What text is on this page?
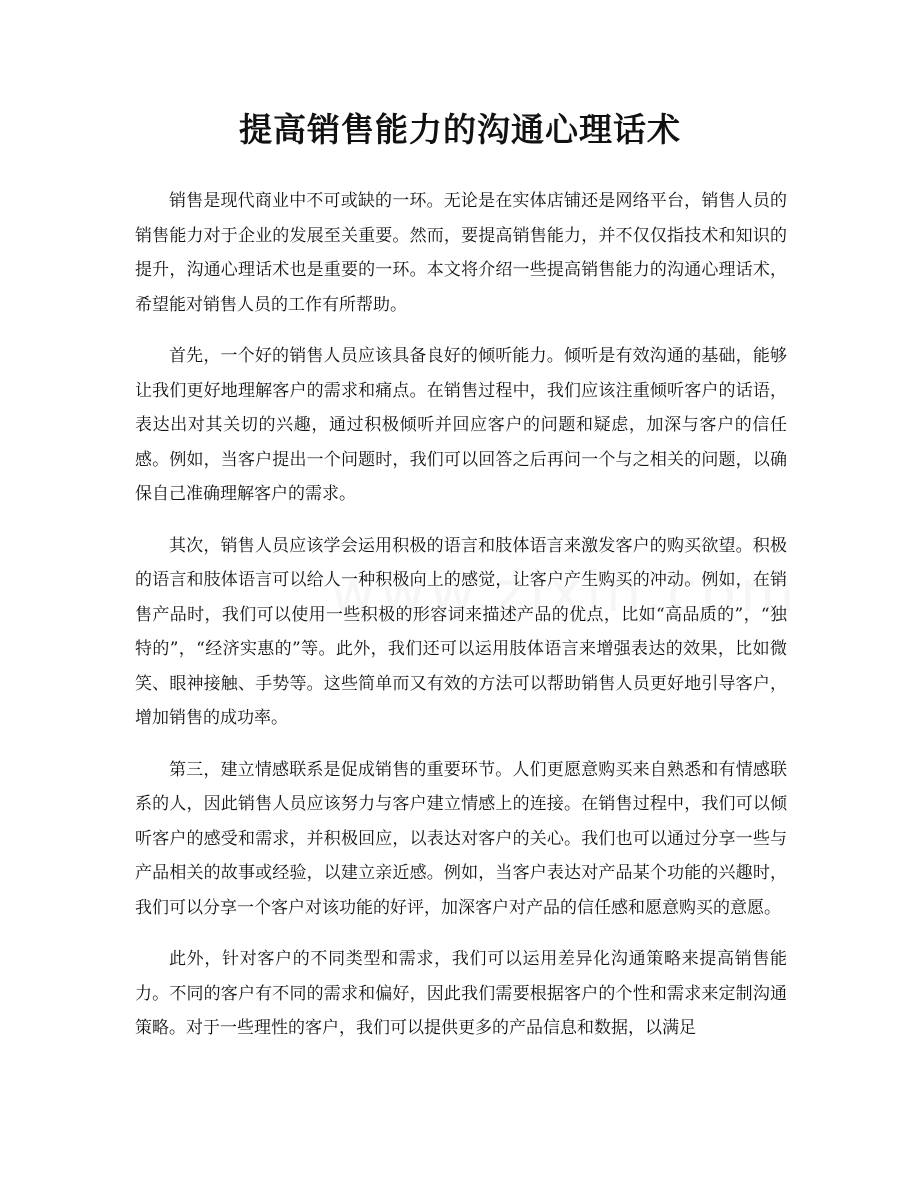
提高销售能力的沟通心理话术

销售是现代商业中不可或缺的一环。无论是在实体店铺还是网络平台，销售人员的销售能力对于企业的发展至关重要。然而，要提高销售能力，并不仅仅指技术和知识的提升，沟通心理话术也是重要的一环。本文将介绍一些提高销售能力的沟通心理话术，希望能对销售人员的工作有所帮助。

首先，一个好的销售人员应该具备良好的倾听能力。倾听是有效沟通的基础，能够让我们更好地理解客户的需求和痛点。在销售过程中，我们应该注重倾听客户的话语，表达出对其关切的兴趣，通过积极倾听并回应客户的问题和疑虑，加深与客户的信任感。例如，当客户提出一个问题时，我们可以回答之后再问一个与之相关的问题，以确保自己准确理解客户的需求。

其次，销售人员应该学会运用积极的语言和肢体语言来激发客户的购买欲望。积极的语言和肢体语言可以给人一种积极向上的感觉，让客户产生购买的冲动。例如，在销售产品时，我们可以使用一些积极的形容词来描述产品的优点，比如“高品质的”，“独特的”，“经济实惠的”等。此外，我们还可以运用肢体语言来增强表达的效果，比如微笑、眼神接触、手势等。这些简单而又有效的方法可以帮助销售人员更好地引导客户，增加销售的成功率。

第三，建立情感联系是促成销售的重要环节。人们更愿意购买来自熟悉和有情感联系的人，因此销售人员应该努力与客户建立情感上的连接。在销售过程中，我们可以倾听客户的感受和需求，并积极回应，以表达对客户的关心。我们也可以通过分享一些与产品相关的故事或经验，以建立亲近感。例如，当客户表达对产品某个功能的兴趣时，我们可以分享一个客户对该功能的好评，加深客户对产品的信任感和愿意购买的意愿。

此外，针对客户的不同类型和需求，我们可以运用差异化沟通策略来提高销售能力。不同的客户有不同的需求和偏好，因此我们需要根据客户的个性和需求来定制沟通策略。对于一些理性的客户，我们可以提供更多的产品信息和数据，以满足
